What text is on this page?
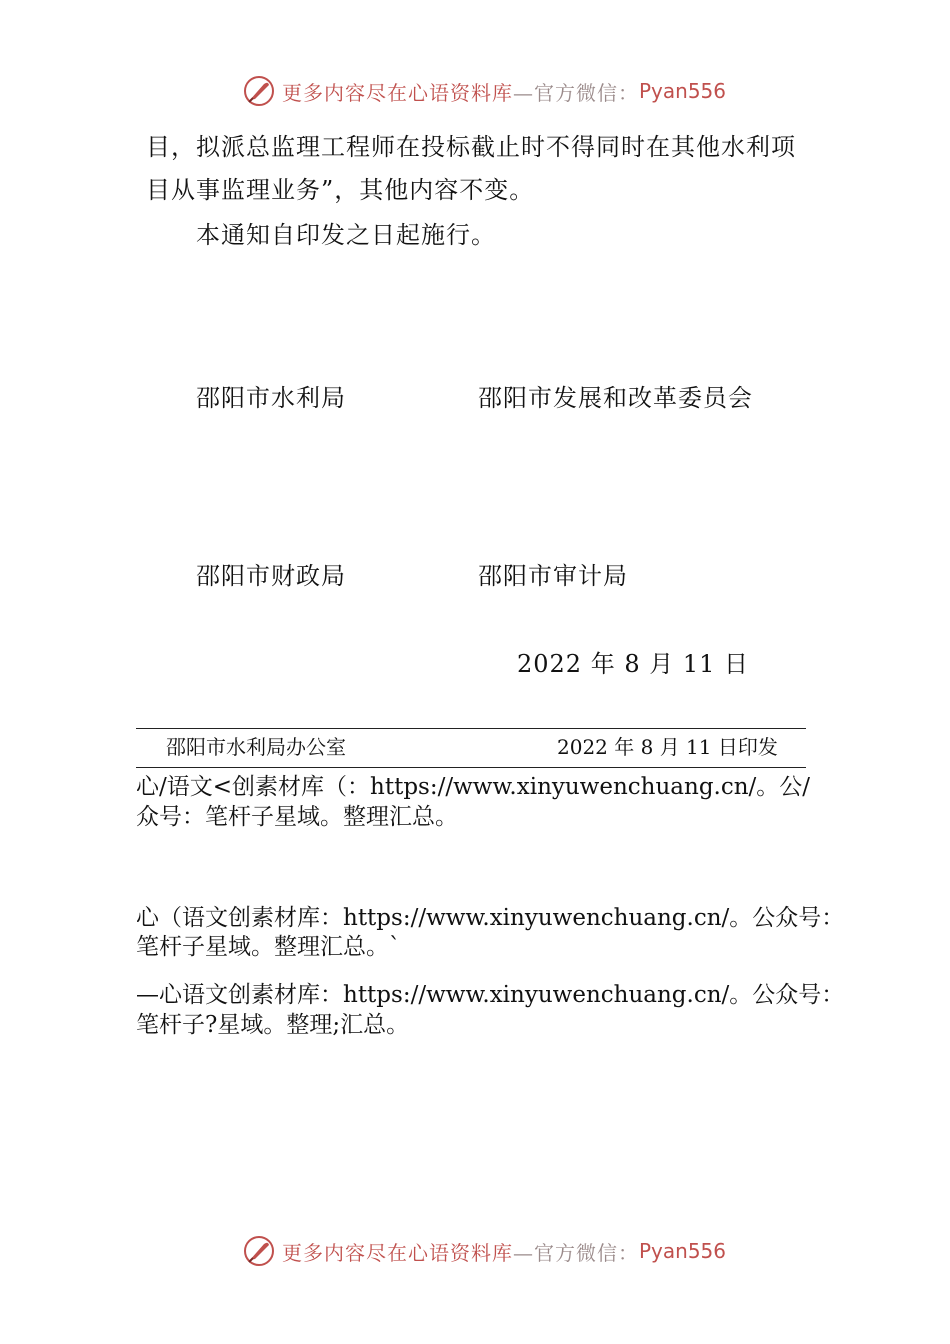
更多内容尽在心语资料库 —官方微信： Pyan556
目，拟派总监理工程师在投标截止时不得同时在其他水利项
目从事监理业务”，其他内容不变。
本通知自印发之日起施行。
邵阳市水利局	邵阳市发展和改革委员会
邵阳市财政局	邵阳市审计局
2022 年 8 月 11 日
邵阳市水利局办公室	2022 年 8 月 11 日印发
心/语文<创素材库（：https://www.xinyuwenchuang.cn/。公/
众号：笔杆子星域。整理汇总。
心（语文创素材库：https://www.xinyuwenchuang.cn/。公众号：
笔杆子星域。整理汇总。`
—心语文创素材库：https://www.xinyuwenchuang.cn/。公众号：
笔杆子?星域。整理;汇总。
更多内容尽在心语资料库 —官方微信： Pyan556
